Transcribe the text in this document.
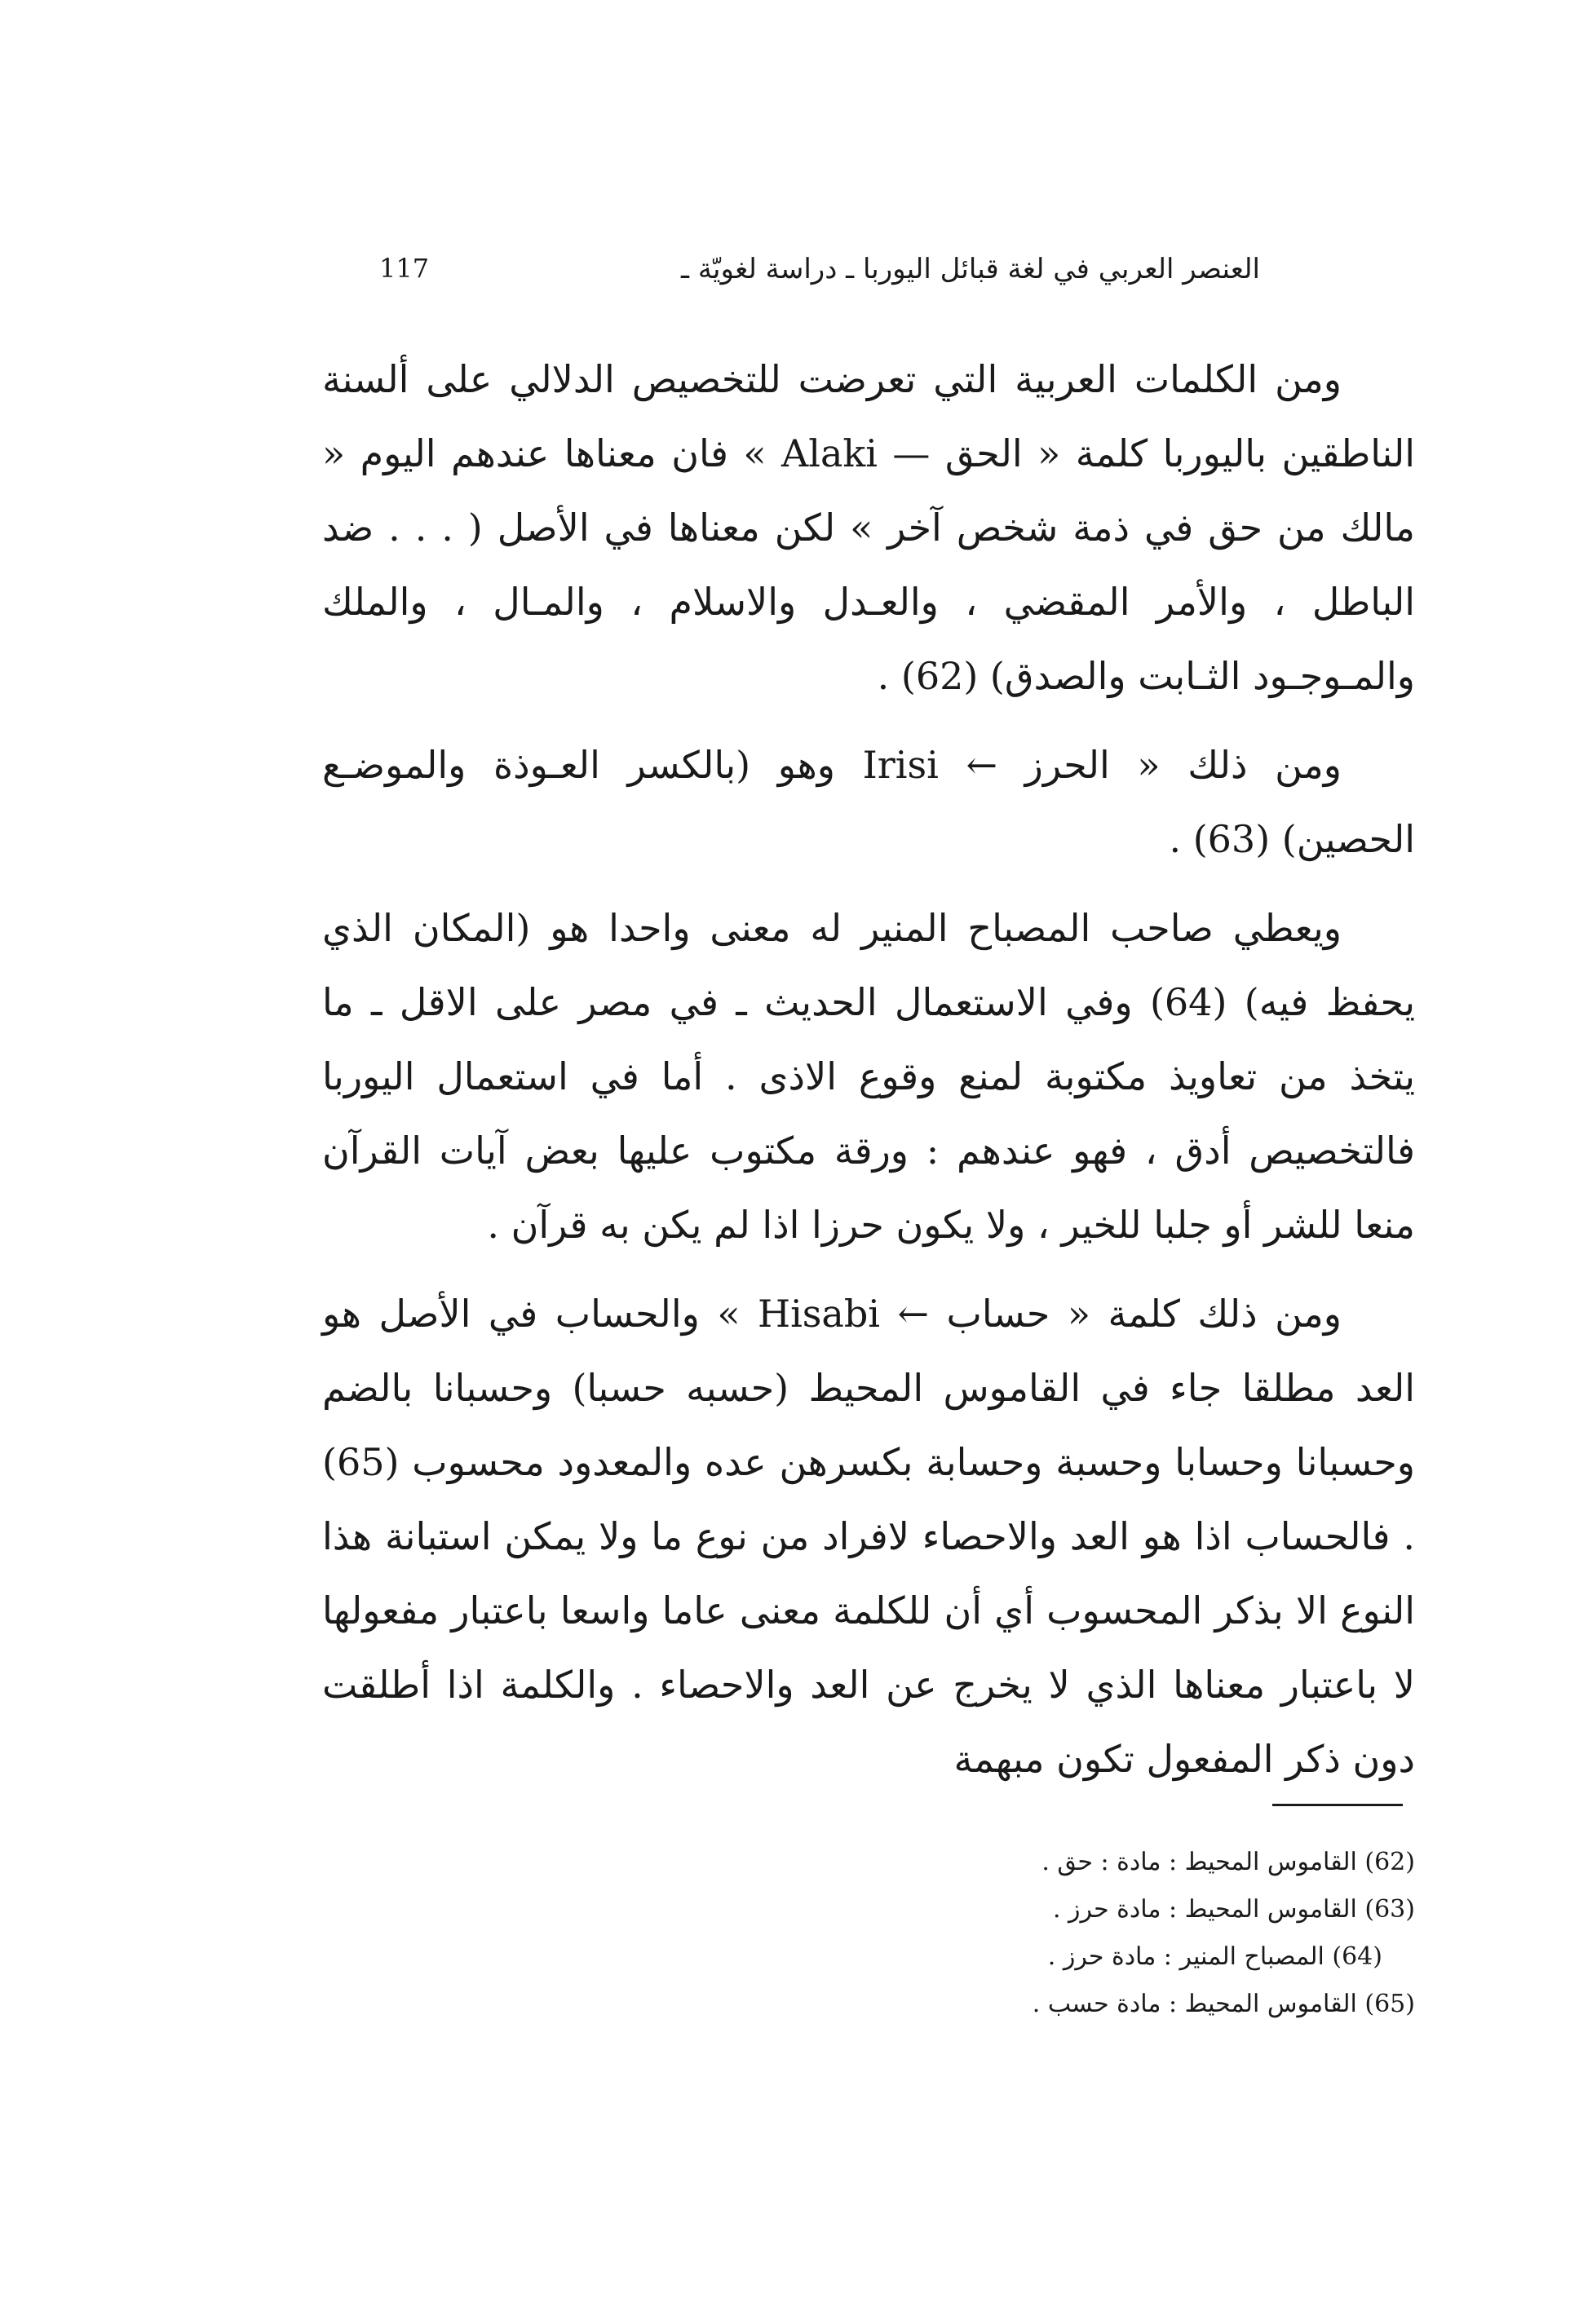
117	العنصر العربي في لغة قبائل اليوربا ـ دراسة لغويّة ـ

ومن الكلمات العربية التي تعرضت للتخصيص الدلالي على ألسنة الناطقين باليوربا كلمة « الحق — Alaki » فان معناها عندهم اليوم « مالك من حق في ذمة شخص آخر » لكن معناها في الأصل ( . . . ضد الباطل ، والأمر المقضي ، والعـدل والاسلام ، والمـال ، والملك والمـوجـود الثـابت والصدق) (62) .

ومن ذلك « الحرز ← Irisi وهو (بالكسر العـوذة والموضـع الحصين) (63) .

ويعطي صاحب المصباح المنير له معنى واحدا هو (المكان الذي يحفظ فيه) (64) وفي الاستعمال الحديث ـ في مصر على الاقل ـ ما يتخذ من تعاويذ مكتوبة لمنع وقوع الاذى . أما في استعمال اليوربا فالتخصيص أدق ، فهو عندهم : ورقة مكتوب عليها بعض آيات القرآن منعا للشر أو جلبا للخير ، ولا يكون حرزا اذا لم يكن به قرآن .

ومن ذلك كلمة « حساب ← Hisabi » والحساب في الأصل هو العد مطلقا جاء في القاموس المحيط (حسبه حسبا) وحسبانا بالضم وحسبانا وحسابا وحسبة وحسابة بكسرهن عده والمعدود محسوب (65) . فالحساب اذا هو العد والاحصاء لافراد من نوع ما ولا يمكن استبانة هذا النوع الا بذكر المحسوب أي أن للكلمة معنى عاما واسعا باعتبار مفعولها لا باعتبار معناها الذي لا يخرج عن العد والاحصاء . والكلمة اذا أطلقت دون ذكر المفعول تكون مبهمة

(62) القاموس المحيط : مادة : حق .

(63) القاموس المحيط : مادة حرز .

(64) المصباح المنير : مادة حرز .

(65) القاموس المحيط : مادة حسب .
